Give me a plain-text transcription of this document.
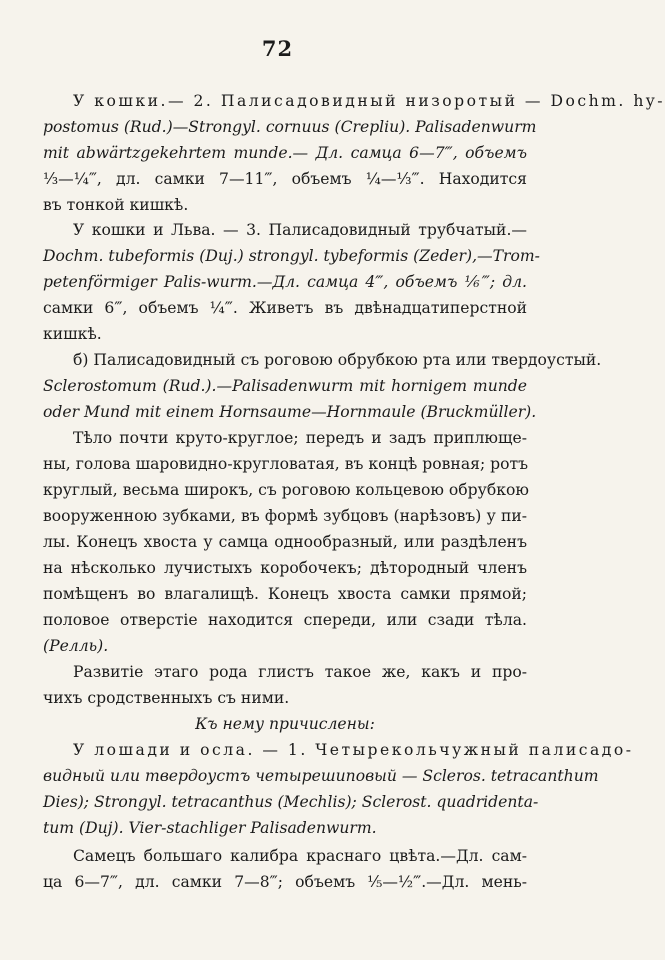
72
У кошки.— 2. Палисадовидный низоротый — Dochm. hy-
postomus (Rud.)—Strongyl. cornuus (Crepliu). Palisadenwurm
mit abwärtzgekehrtem munde.— Дл. самца 6—7‴, объемъ
⅓—¼‴, дл. самки 7—11‴, объемъ ¼—⅓‴. Находится
въ тонкой кишкѣ.
У кошки и Льва. — 3. Палисадовидный трубчатый.—
Dochm. tubeformis (Duj.) strongyl. tybeformis (Zeder),—Trom-
petenförmiger Palis-wurm.—Дл. самца 4‴, объемъ ⅙‴; дл.
самки 6‴, объемъ ¼‴. Живетъ въ двѣнадцатиперстной
кишкѣ.
б) Палисадовидный съ роговою обрубкою рта или твердоустый.
Sclerostomum (Rud.).—Palisadenwurm mit hornigem munde
oder Mund mit einem Hornsaume—Hornmaule (Bruckmüller).
Тѣло почти круто-круглое; передъ и задъ приплюще-
ны, голова шаровидно-кругловатая, въ концѣ ровная; ротъ
круглый, весьма широкъ, съ роговою кольцевою обрубкою
вооруженною зубками, въ формѣ зубцовъ (нарѣзовъ) у пи-
лы. Конецъ хвоста у самца однообразный, или раздѣленъ
на нѣсколько лучистыхъ коробочекъ; дѣтородный членъ
помѣщенъ во влагалищѣ. Конецъ хвоста самки прямой;
половое отверстіе находится спереди, или сзади тѣла.
(Релль).
Развитіе этаго рода глистъ такое же, какъ и про-
чихъ сродственныхъ съ ними.
Къ нему причислены:
У лошади и осла. — 1. Четырекольчужный палисадо-
видный или твердоустъ четырешиповый — Scleros. tetracanthum
Dies); Strongyl. tetracanthus (Mechlis); Sclerost. quadridenta-
tum (Duj). Vier-stachliger Palisadenwurm.
Самецъ большаго калибра краснаго цвѣта.—Дл. сам-
ца 6—7‴, дл. самки 7—8‴; объемъ ⅕—½‴.—Дл. мень-
